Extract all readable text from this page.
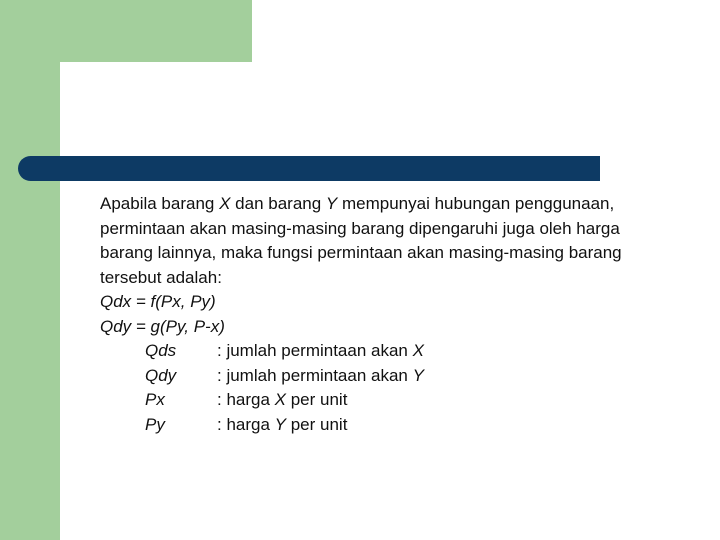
Apabila barang X dan barang Y mempunyai hubungan penggunaan, permintaan akan masing-masing barang dipengaruhi juga oleh harga barang lainnya, maka fungsi permintaan akan masing-masing barang tersebut adalah:

Qdx = f(Px, Py)

Qdy = g(Py, P-x)

Qds	: jumlah permintaan akan X
Qdy	: jumlah permintaan akan Y
Px	: harga X per unit
Py	: harga Y per unit
